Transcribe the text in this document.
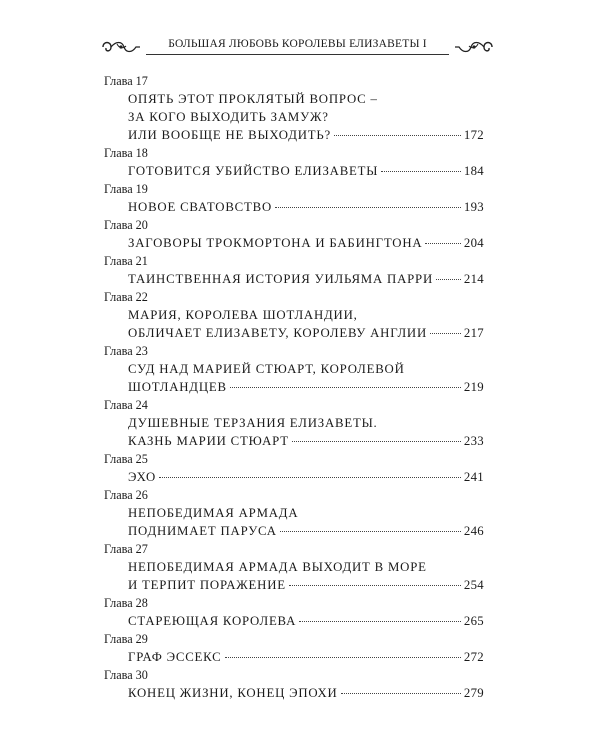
БОЛЬШАЯ ЛЮБОВЬ КОРОЛЕВЫ ЕЛИЗАВЕТЫ I
Глава 17
ОПЯТЬ ЭТОТ ПРОКЛЯТЫЙ ВОПРОС –
ЗА КОГО ВЫХОДИТЬ ЗАМУЖ?
ИЛИ ВООБЩЕ НЕ ВЫХОДИТЬ?	172
Глава 18
ГОТОВИТСЯ УБИЙСТВО ЕЛИЗАВЕТЫ	184
Глава 19
НОВОЕ СВАТОВСТВО	193
Глава 20
ЗАГОВОРЫ ТРОКМОРТОНА И БАБИНГТОНА	204
Глава 21
ТАИНСТВЕННАЯ ИСТОРИЯ УИЛЬЯМА ПАРРИ 214
Глава 22
МАРИЯ, КОРОЛЕВА ШОТЛАНДИИ,
ОБЛИЧАЕТ ЕЛИЗАВЕТУ, КОРОЛЕВУ АНГЛИИ	217
Глава 23
СУД НАД МАРИЕЙ СТЮАРТ, КОРОЛЕВОЙ
ШОТЛАНДЦЕВ	219
Глава 24
ДУШЕВНЫЕ ТЕРЗАНИЯ ЕЛИЗАВЕТЫ.
КАЗНЬ МАРИИ СТЮАРТ	233
Глава 25
ЭХО	241
Глава 26
НЕПОБЕДИМАЯ АРМАДА
ПОДНИМАЕТ ПАРУСА	246
Глава 27
НЕПОБЕДИМАЯ АРМАДА ВЫХОДИТ В МОРЕ
И ТЕРПИТ ПОРАЖЕНИЕ	254
Глава 28
СТАРЕЮЩАЯ КОРОЛЕВА	265
Глава 29
ГРАФ ЭССЕКС	272
Глава 30
КОНЕЦ ЖИЗНИ, КОНЕЦ ЭПОХИ	279
